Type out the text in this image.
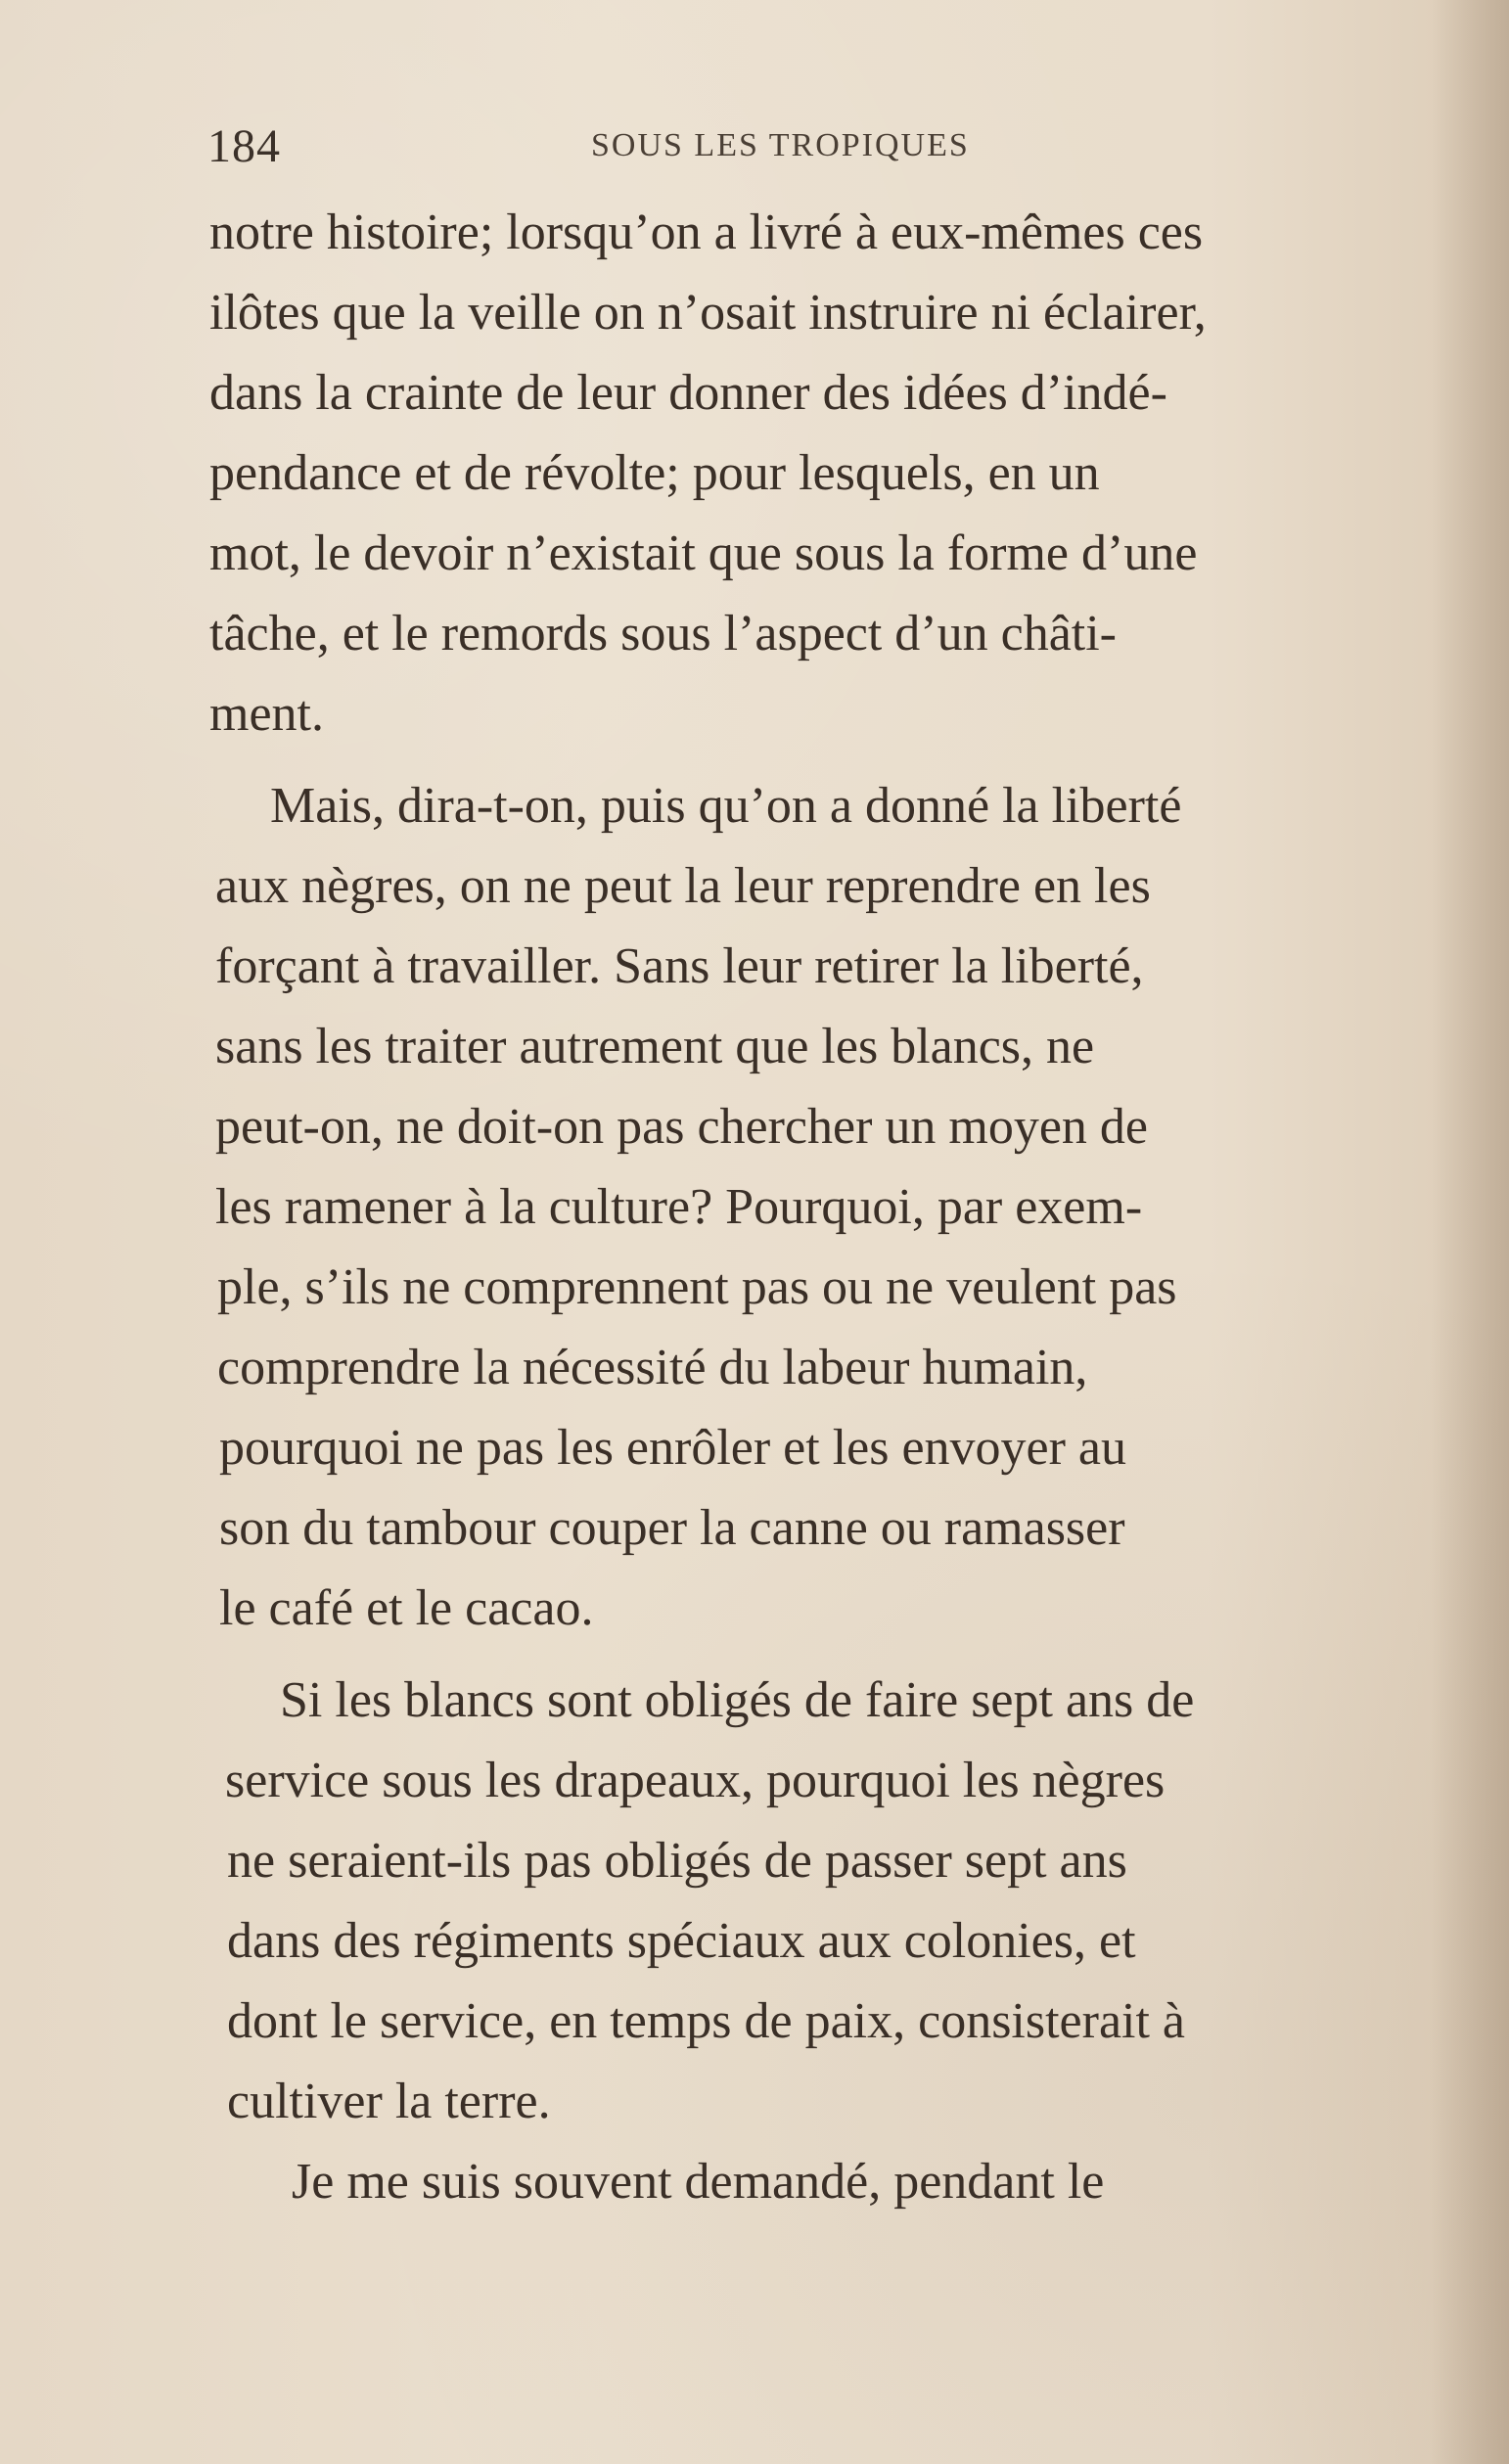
184	SOUS LES TROPIQUES
notre histoire; lorsqu’on a livré à eux-mêmes ces
ilôtes que la veille on n’osait instruire ni éclairer,
dans la crainte de leur donner des idées d’indé-
pendance et de révolte; pour lesquels, en un
mot, le devoir n’existait que sous la forme d’une
tâche, et le remords sous l’aspect d’un châti-
ment.
Mais, dira-t-on, puis qu’on a donné la liberté
aux nègres, on ne peut la leur reprendre en les
forçant à travailler. Sans leur retirer la liberté,
sans les traiter autrement que les blancs, ne
peut-on, ne doit-on pas chercher un moyen de
les ramener à la culture? Pourquoi, par exem-
ple, s’ils ne comprennent pas ou ne veulent pas
comprendre la nécessité du labeur humain,
pourquoi ne pas les enrôler et les envoyer au
son du tambour couper la canne ou ramasser
le café et le cacao.
Si les blancs sont obligés de faire sept ans de
service sous les drapeaux, pourquoi les nègres
ne seraient-ils pas obligés de passer sept ans
dans des régiments spéciaux aux colonies, et
dont le service, en temps de paix, consisterait à
cultiver la terre.
Je me suis souvent demandé, pendant le
